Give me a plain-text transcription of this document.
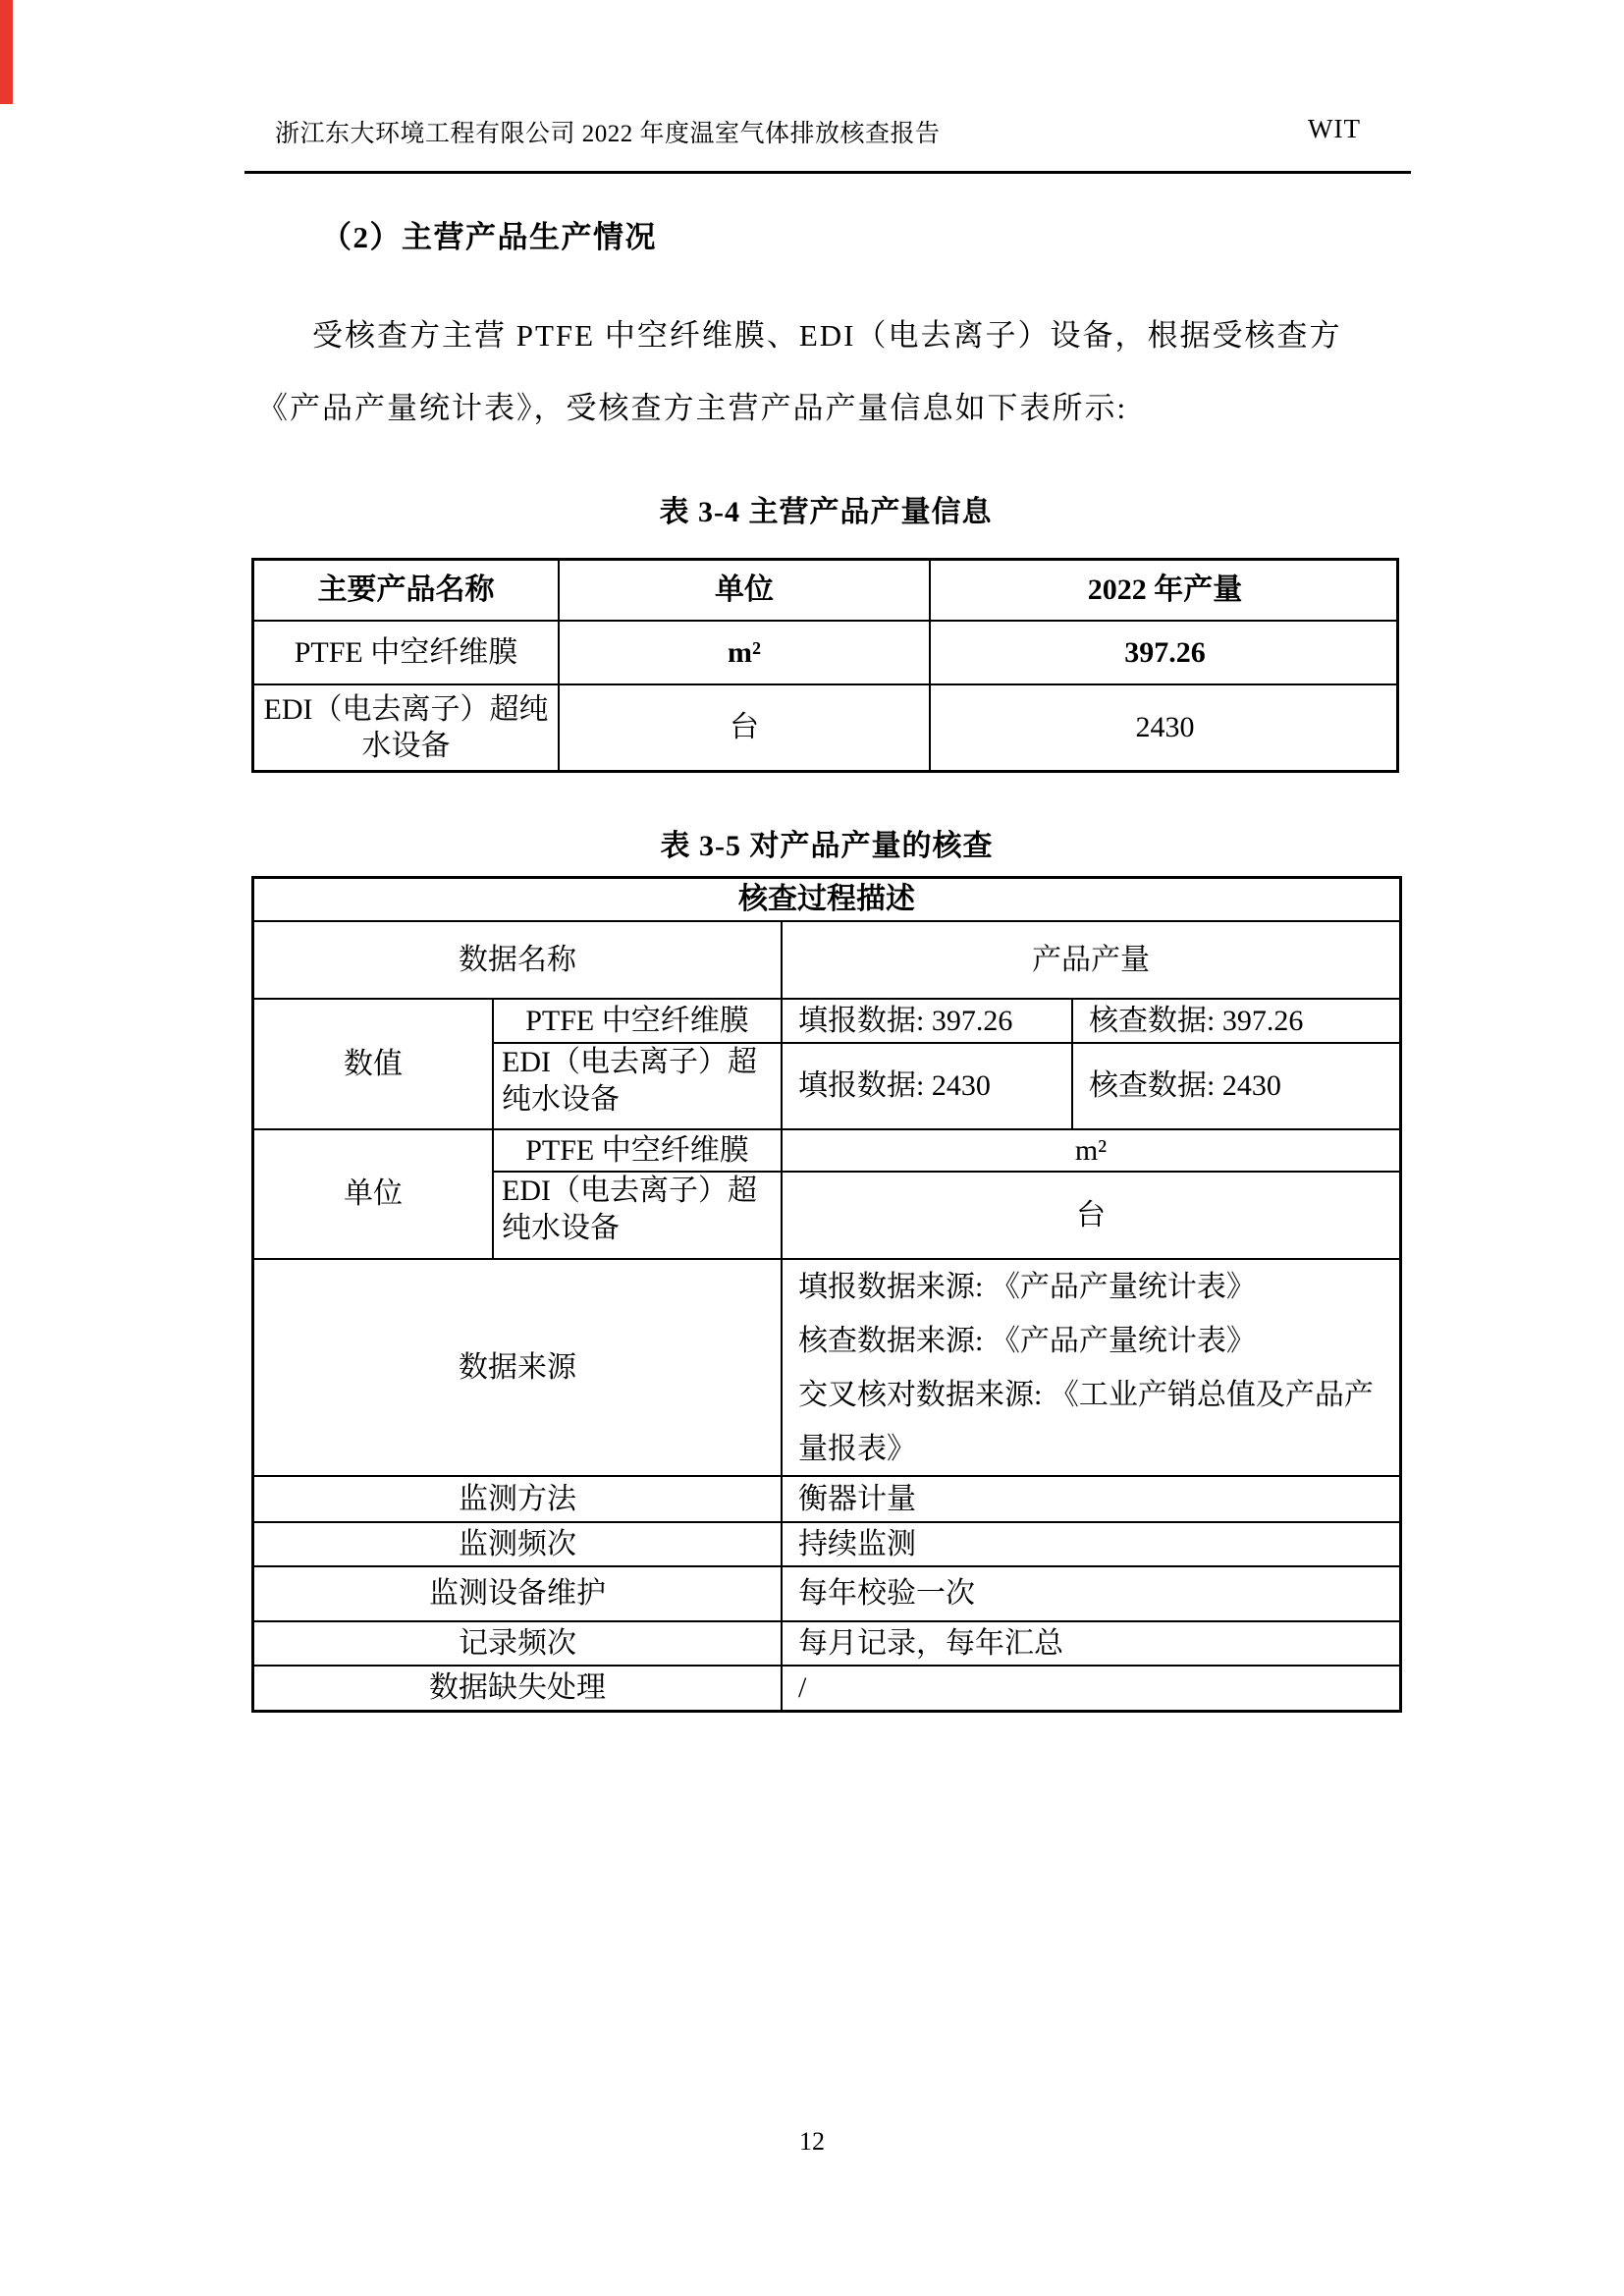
浙江东大环境工程有限公司 2022 年度温室气体排放核查报告	WIT
（2）主营产品生产情况
受核查方主营 PTFE 中空纤维膜、EDI（电去离子）设备，根据受核查方
《产品产量统计表》，受核查方主营产品产量信息如下表所示:
表 3-4 主营产品产量信息
主要产品名称	单位	2022 年产量
PTFE 中空纤维膜	m²	397.26
EDI（电去离子）超纯
水设备
台	2430
表 3-5 对产品产量的核查
核查过程描述
数据名称	产品产量
数值
PTFE 中空纤维膜	填报数据: 397.26	核查数据: 397.26
EDI（电去离子）超
纯水设备	填报数据: 2430	核查数据: 2430
单位
PTFE 中空纤维膜	m²
EDI（电去离子）超
纯水设备	台
数据来源
填报数据来源: 《产品产量统计表》
核查数据来源: 《产品产量统计表》
交叉核对数据来源: 《工业产销总值及产品产
量报表》
监测方法	衡器计量
监测频次	持续监测
监测设备维护	每年校验一次
记录频次	每月记录，每年汇总
数据缺失处理	/
12
